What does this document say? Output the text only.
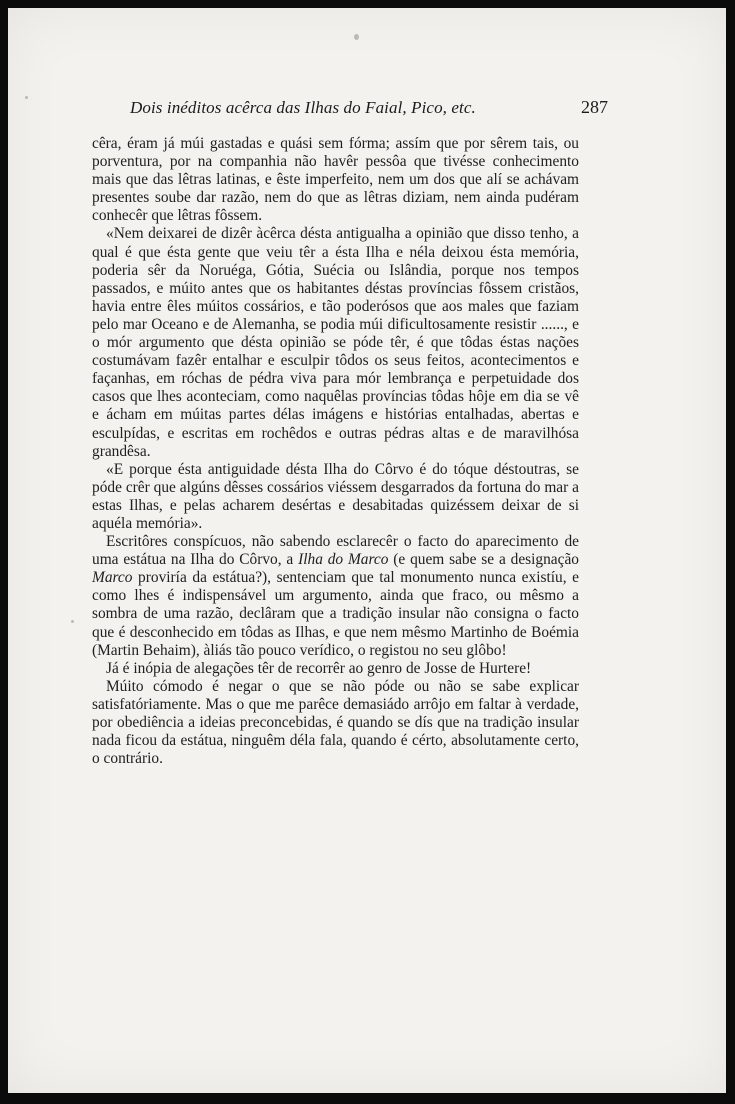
Dois inéditos acêrca das Ilhas do Faial, Pico, etc.	287

cêra, éram já múi gastadas e quási sem fórma; assím que por sêrem tais, ou porventura, por na companhia não havêr pessôa que tivésse conhecimento mais que das lêtras latinas, e êste imperfeito, nem um dos que alí se achávam presentes soube dar razão, nem do que as lêtras diziam, nem ainda pudéram conhecêr que lêtras fôssem.

«Nem deixarei de dizêr àcêrca désta antigualha a opinião que disso tenho, a qual é que ésta gente que veiu têr a ésta Ilha e néla deixou ésta memória, poderia sêr da Noruéga, Gótia, Suécia ou Islândia, porque nos tempos passados, e múito antes que os habitantes déstas províncias fôssem cristãos, havia entre êles múitos cossários, e tão poderósos que aos males que faziam pelo mar Oceano e de Alemanha, se podia múi dificultosamente resistir ......, e o mór argumento que désta opinião se póde têr, é que tôdas éstas nações costumávam fazêr entalhar e esculpir tôdos os seus feitos, acontecimentos e façanhas, em róchas de pédra viva para mór lembrança e perpetuidade dos casos que lhes aconteciam, como naquêlas províncias tôdas hôje em dia se vê e ácham em múitas partes délas imágens e histórias entalhadas, abertas e esculpídas, e escritas em rochêdos e outras pédras altas e de maravilhósa grandêsa.

«E porque ésta antiguidade désta Ilha do Côrvo é do tóque déstoutras, se póde crêr que algúns dêsses cossários viéssem desgarrados da fortuna do mar a estas Ilhas, e pelas acharem desértas e desabitadas quizéssem deixar de si aquéla memória».

Escritôres conspícuos, não sabendo esclarecêr o facto do aparecimento de uma estátua na Ilha do Côrvo, a Ilha do Marco (e quem sabe se a designação Marco proviría da estátua?), sentenciam que tal monumento nunca existíu, e como lhes é indispensável um argumento, ainda que fraco, ou mêsmo a sombra de uma razão, declâram que a tradição insular não consigna o facto que é desconhecido em tôdas as Ilhas, e que nem mêsmo Martinho de Boémia (Martin Behaim), àliás tão pouco verídico, o registou no seu glôbo!

Já é inópia de alegações têr de recorrêr ao genro de Josse de Hurtere!

Múito cómodo é negar o que se não póde ou não se sabe explicar satisfatóriamente. Mas o que me parêce demasiádo arrôjo em faltar à verdade, por obediência a ideias preconcebidas, é quando se dís que na tradição insular nada ficou da estátua, ninguêm déla fala, quando é cérto, absolutamente certo, o contrário.
